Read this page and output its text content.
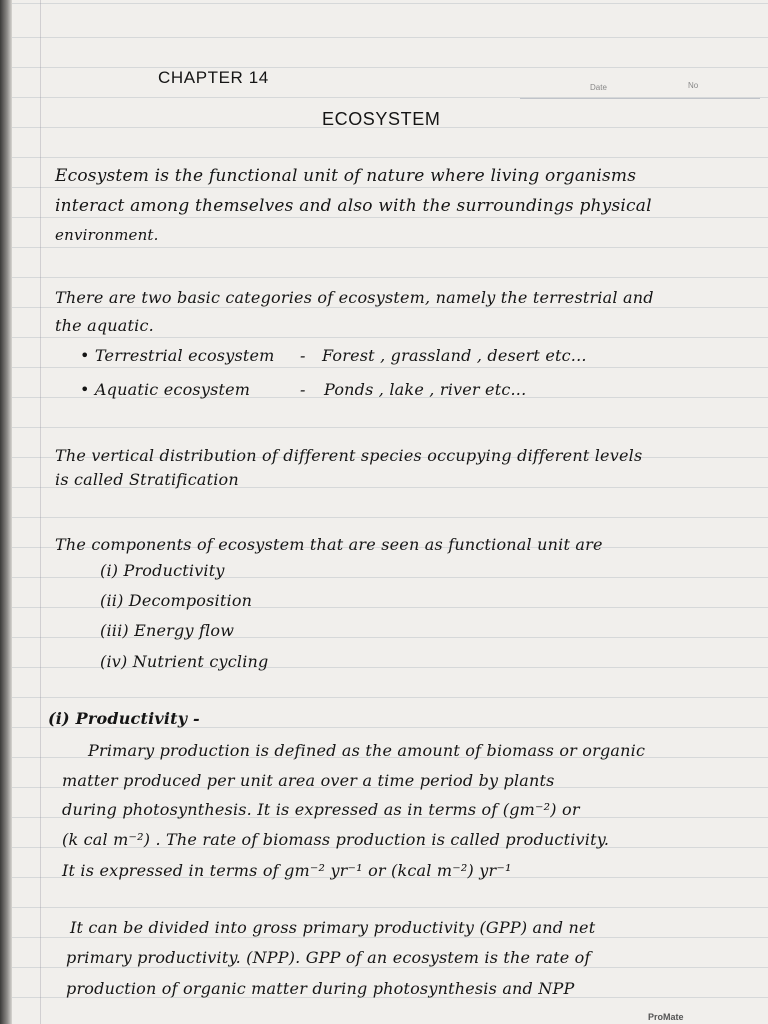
CHAPTER 14
Date	No
ECOSYSTEM
Ecosystem is the functional unit of nature where living organisms
interact among themselves and also with the surroundings physical
environment.
There are two basic categories of ecosystem, namely the terrestrial and
the aquatic.
• Terrestrial ecosystem - Forest , grassland , desert etc...
• Aquatic ecosystem	- Ponds , lake , river etc...
The vertical distribution of different species occupying different levels
is called Stratification
The components of ecosystem that are seen as functional unit are
(i) Productivity
(ii) Decomposition
(iii) Energy flow
(iv) Nutrient cycling
(i) Productivity -
Primary production is defined as the amount of biomass or organic
matter produced per unit area over a time period by plants
during photosynthesis. It is expressed as in terms of (gm⁻²) or
(k cal m⁻²) . The rate of biomass production is called productivity.
It is expressed in terms of gm⁻² yr⁻¹ or (kcal m⁻²) yr⁻¹
It can be divided into gross primary productivity (GPP) and net
primary productivity. (NPP). GPP of an ecosystem is the rate of
production of organic matter during photosynthesis and NPP
ProMate
